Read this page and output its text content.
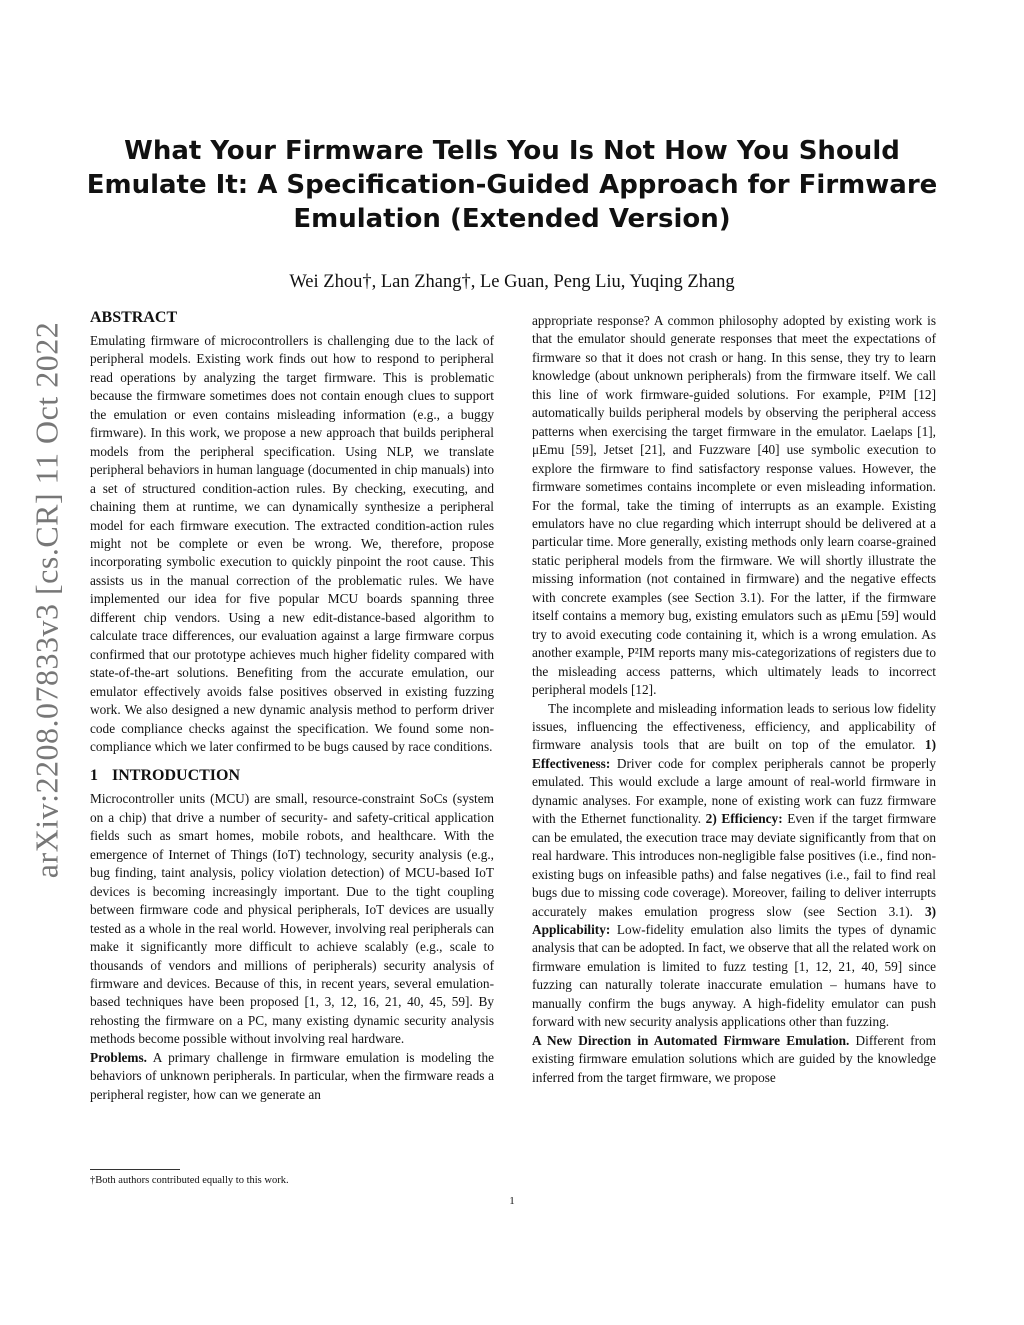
What Your Firmware Tells You Is Not How You Should Emulate It: A Specification-Guided Approach for Firmware Emulation (Extended Version)
Wei Zhou†, Lan Zhang†, Le Guan, Peng Liu, Yuqing Zhang
arXiv:2208.07833v3 [cs.CR] 11 Oct 2022
ABSTRACT

Emulating firmware of microcontrollers is challenging due to the lack of peripheral models. Existing work finds out how to respond to peripheral read operations by analyzing the target firmware. This is problematic because the firmware sometimes does not contain enough clues to support the emulation or even contains misleading information (e.g., a buggy firmware). In this work, we propose a new approach that builds peripheral models from the peripheral specification. Using NLP, we translate peripheral behaviors in human language (documented in chip manuals) into a set of structured condition-action rules. By checking, executing, and chaining them at runtime, we can dynamically synthesize a peripheral model for each firmware execution. The extracted condition-action rules might not be complete or even be wrong. We, therefore, propose incorporating symbolic execution to quickly pinpoint the root cause. This assists us in the manual correction of the problematic rules. We have implemented our idea for five popular MCU boards spanning three different chip vendors. Using a new edit-distance-based algorithm to calculate trace differences, our evaluation against a large firmware corpus confirmed that our prototype achieves much higher fidelity compared with state-of-the-art solutions. Benefiting from the accurate emulation, our emulator effectively avoids false positives observed in existing fuzzing work. We also designed a new dynamic analysis method to perform driver code compliance checks against the specification. We found some non-compliance which we later confirmed to be bugs caused by race conditions.

1 INTRODUCTION

Microcontroller units (MCU) are small, resource-constraint SoCs (system on a chip) that drive a number of security- and safety-critical application fields such as smart homes, mobile robots, and healthcare. With the emergence of Internet of Things (IoT) technology, security analysis (e.g., bug finding, taint analysis, policy violation detection) of MCU-based IoT devices is becoming increasingly important. Due to the tight coupling between firmware code and physical peripherals, IoT devices are usually tested as a whole in the real world. However, involving real peripherals can make it significantly more difficult to achieve scalably (e.g., scale to thousands of vendors and millions of peripherals) security analysis of firmware and devices. Because of this, in recent years, several emulation-based techniques have been proposed [1, 3, 12, 16, 21, 40, 45, 59]. By rehosting the firmware on a PC, many existing dynamic security analysis methods become possible without involving real hardware.

Problems. A primary challenge in firmware emulation is modeling the behaviors of unknown peripherals. In particular, when the firmware reads a peripheral register, how can we generate an

appropriate response? A common philosophy adopted by existing work is that the emulator should generate responses that meet the expectations of firmware so that it does not crash or hang. In this sense, they try to learn knowledge (about unknown peripherals) from the firmware itself. We call this line of work firmware-guided solutions. For example, P²IM [12] automatically builds peripheral models by observing the peripheral access patterns when exercising the target firmware in the emulator. Laelaps [1], μEmu [59], Jetset [21], and Fuzzware [40] use symbolic execution to explore the firmware to find satisfactory response values. However, the firmware sometimes contains incomplete or even misleading information. For the formal, take the timing of interrupts as an example. Existing emulators have no clue regarding which interrupt should be delivered at a particular time. More generally, existing methods only learn coarse-grained static peripheral models from the firmware. We will shortly illustrate the missing information (not contained in firmware) and the negative effects with concrete examples (see Section 3.1). For the latter, if the firmware itself contains a memory bug, existing emulators such as μEmu [59] would try to avoid executing code containing it, which is a wrong emulation. As another example, P²IM reports many mis-categorizations of registers due to the misleading access patterns, which ultimately leads to incorrect peripheral models [12].

The incomplete and misleading information leads to serious low fidelity issues, influencing the effectiveness, efficiency, and applicability of firmware analysis tools that are built on top of the emulator. 1) Effectiveness: Driver code for complex peripherals cannot be properly emulated. This would exclude a large amount of real-world firmware in dynamic analyses. For example, none of existing work can fuzz firmware with the Ethernet functionality. 2) Efficiency: Even if the target firmware can be emulated, the execution trace may deviate significantly from that on real hardware. This introduces non-negligible false positives (i.e., find non-existing bugs on infeasible paths) and false negatives (i.e., fail to find real bugs due to missing code coverage). Moreover, failing to deliver interrupts accurately makes emulation progress slow (see Section 3.1). 3) Applicability: Low-fidelity emulation also limits the types of dynamic analysis that can be adopted. In fact, we observe that all the related work on firmware emulation is limited to fuzz testing [1, 12, 21, 40, 59] since fuzzing can naturally tolerate inaccurate emulation – humans have to manually confirm the bugs anyway. A high-fidelity emulator can push forward with new security analysis applications other than fuzzing.

A New Direction in Automated Firmware Emulation. Different from existing firmware emulation solutions which are guided by the knowledge inferred from the target firmware, we propose

†Both authors contributed equally to this work.
1
